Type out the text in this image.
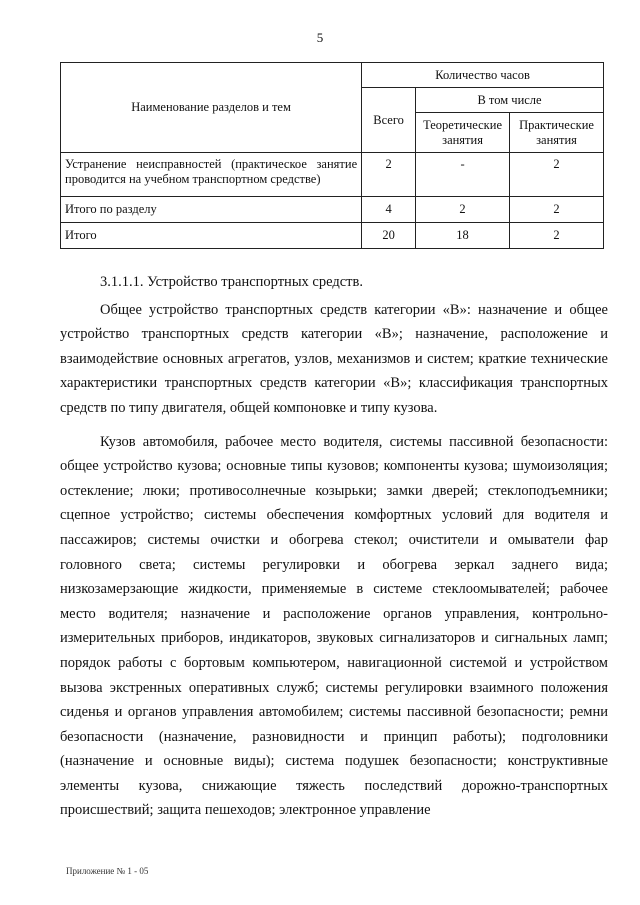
5
Наименование разделов и тем	Количество часов		
	Всего	В том числе	
		Теоретические занятия	Практические занятия
Устранение неисправностей (практическое занятие проводится на учебном транспортном средстве)	2	-	2
Итого по разделу	4	2	2
Итого	20	18	2

3.1.1.1. Устройство транспортных средств.

Общее устройство транспортных средств категории «B»: назначение и общее устройство транспортных средств категории «B»; назначение, расположение и взаимодействие основных агрегатов, узлов, механизмов и систем; краткие технические характеристики транспортных средств категории «B»; классификация транспортных средств по типу двигателя, общей компоновке и типу кузова.

Кузов автомобиля, рабочее место водителя, системы пассивной безопасности: общее устройство кузова; основные типы кузовов; компоненты кузова; шумоизоляция; остекление; люки; противосолнечные козырьки; замки дверей; стеклоподъемники; сцепное устройство; системы обеспечения комфортных условий для водителя и пассажиров; системы очистки и обогрева стекол; очистители и омыватели фар головного света; системы регулировки и обогрева зеркал заднего вида; низкозамерзающие жидкости, применяемые в системе стеклоомывателей; рабочее место водителя; назначение и расположение органов управления, контрольно-измерительных приборов, индикаторов, звуковых сигнализаторов и сигнальных ламп; порядок работы с бортовым компьютером, навигационной системой и устройством вызова экстренных оперативных служб; системы регулировки взаимного положения сиденья и органов управления автомобилем; системы пассивной безопасности; ремни безопасности (назначение, разновидности и принцип работы); подголовники (назначение и основные виды); система подушек безопасности; конструктивные элементы кузова, снижающие тяжесть последствий дорожно-транспортных происшествий; защита пешеходов; электронное управление

Приложение № 1 - 05
